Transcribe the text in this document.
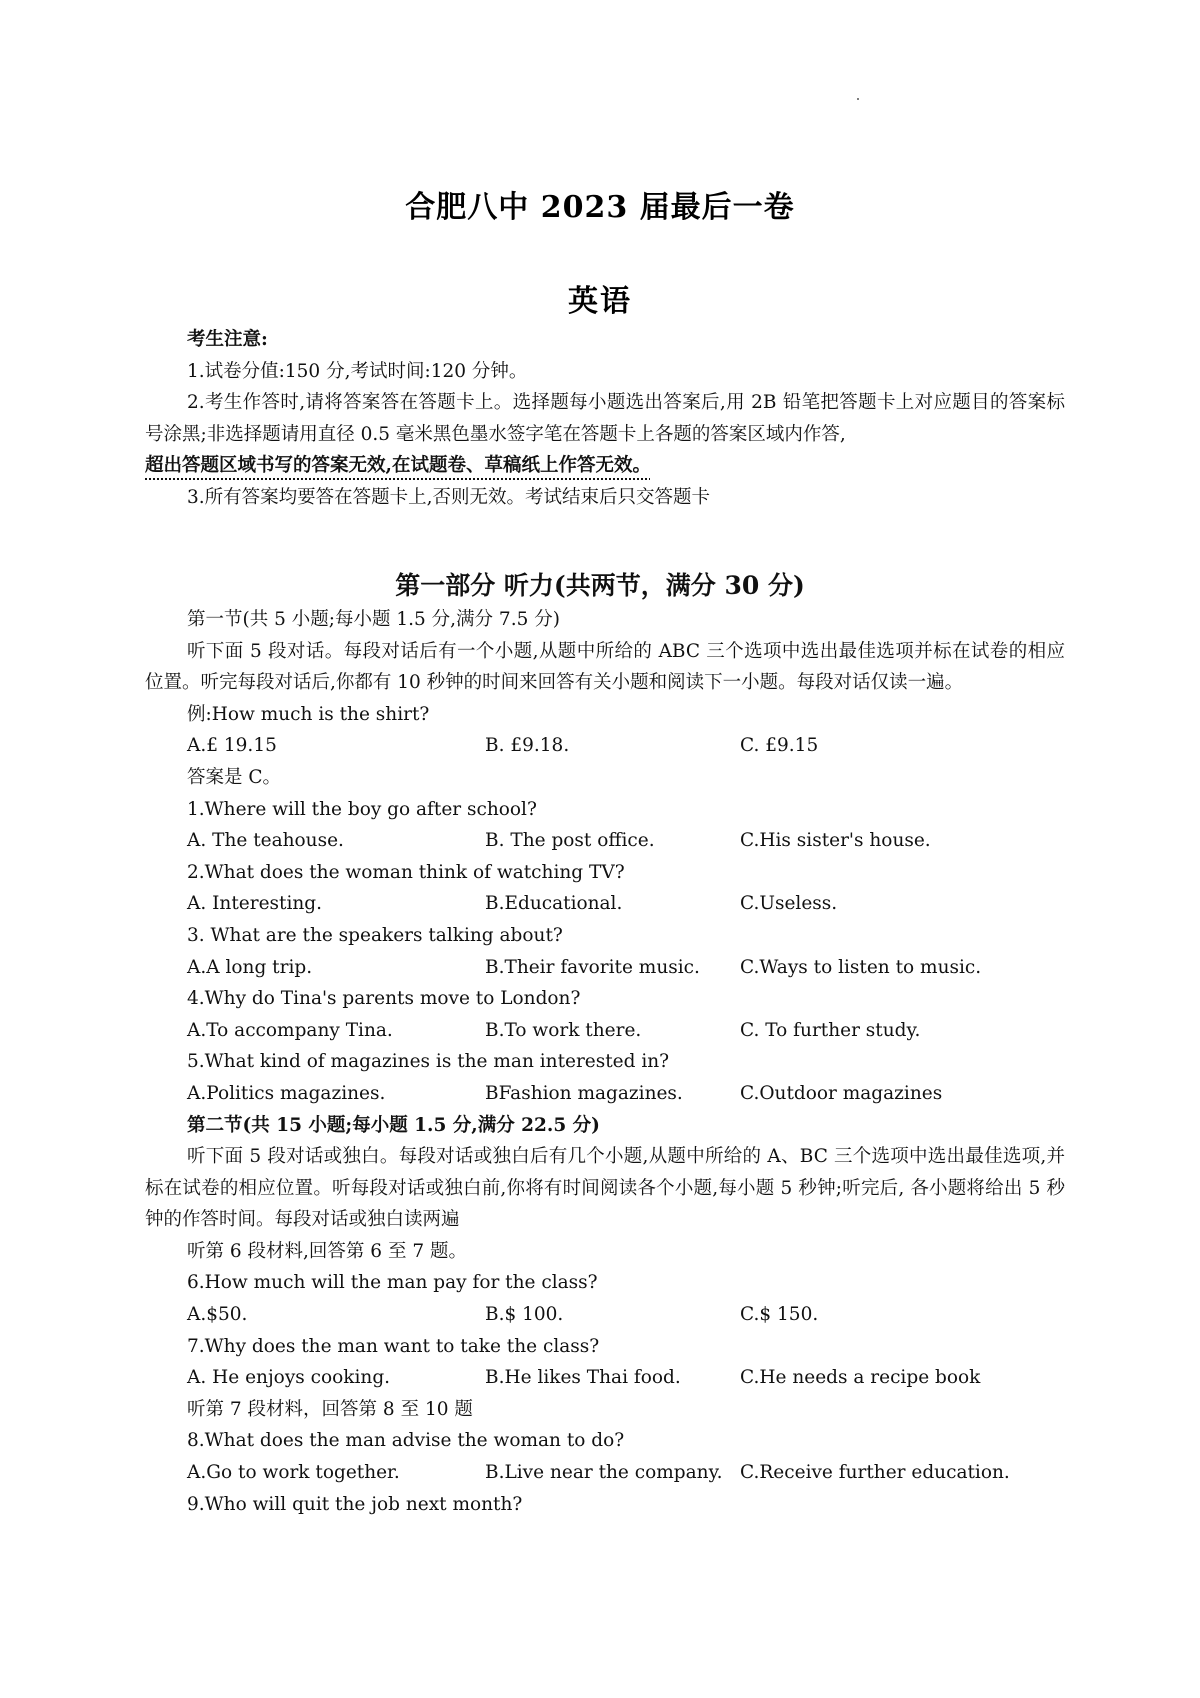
合肥八中 2023 届最后一卷
英语
考生注意:
1.试卷分值:150 分,考试时间:120 分钟。
2.考生作答时,请将答案答在答题卡上。选择题每小题选出答案后,用 2B 铅笔把答题卡上对应题目的答案标号涂黑;非选择题请用直径 0.5 毫米黑色墨水签字笔在答题卡上各题的答案区域内作答,
超出答题区域书写的答案无效,在试题卷、草稿纸上作答无效。
3.所有答案均要答在答题卡上,否则无效。考试结束后只交答题卡
第一部分 听力(共两节，满分 30 分)
第一节(共 5 小题;每小题 1.5 分,满分 7.5 分)
听下面 5 段对话。每段对话后有一个小题,从题中所给的 ABC 三个选项中选出最佳选项并标在试卷的相应位置。听完每段对话后,你都有 10 秒钟的时间来回答有关小题和阅读下一小题。每段对话仅读一遍。
例:How much is the shirt?
A.£ 19.15	B. £9.18.	C. £9.15
答案是 C。
1.Where will the boy go after school?
A. The teahouse.	B. The post office.	C.His sister's house.
2.What does the woman think of watching TV?
A. Interesting.	B.Educational.	C.Useless.
3. What are the speakers talking about?
A.A long trip.	B.Their favorite music.	C.Ways to listen to music.
4.Why do Tina's parents move to London?
A.To accompany Tina.	B.To work there.	C. To further study.
5.What kind of magazines is the man interested in?
A.Politics magazines.	BFashion magazines.	C.Outdoor magazines
第二节(共 15 小题;每小题 1.5 分,满分 22.5 分)
听下面 5 段对话或独白。每段对话或独白后有几个小题,从题中所给的 A、BC 三个选项中选出最佳选项,并标在试卷的相应位置。听每段对话或独白前,你将有时间阅读各个小题,每小题 5 秒钟;听完后, 各小题将给出 5 秒钟的作答时间。每段对话或独白读两遍
听第 6 段材料,回答第 6 至 7 题。
6.How much will the man pay for the class?
A.$50.	B.$ 100.	C.$ 150.
7.Why does the man want to take the class?
A. He enjoys cooking.	B.He likes Thai food.	C.He needs a recipe book
听第 7 段材料，回答第 8 至 10 题
8.What does the man advise the woman to do?
A.Go to work together.	B.Live near the company. C.Receive further education.
9.Who will quit the job next month?
